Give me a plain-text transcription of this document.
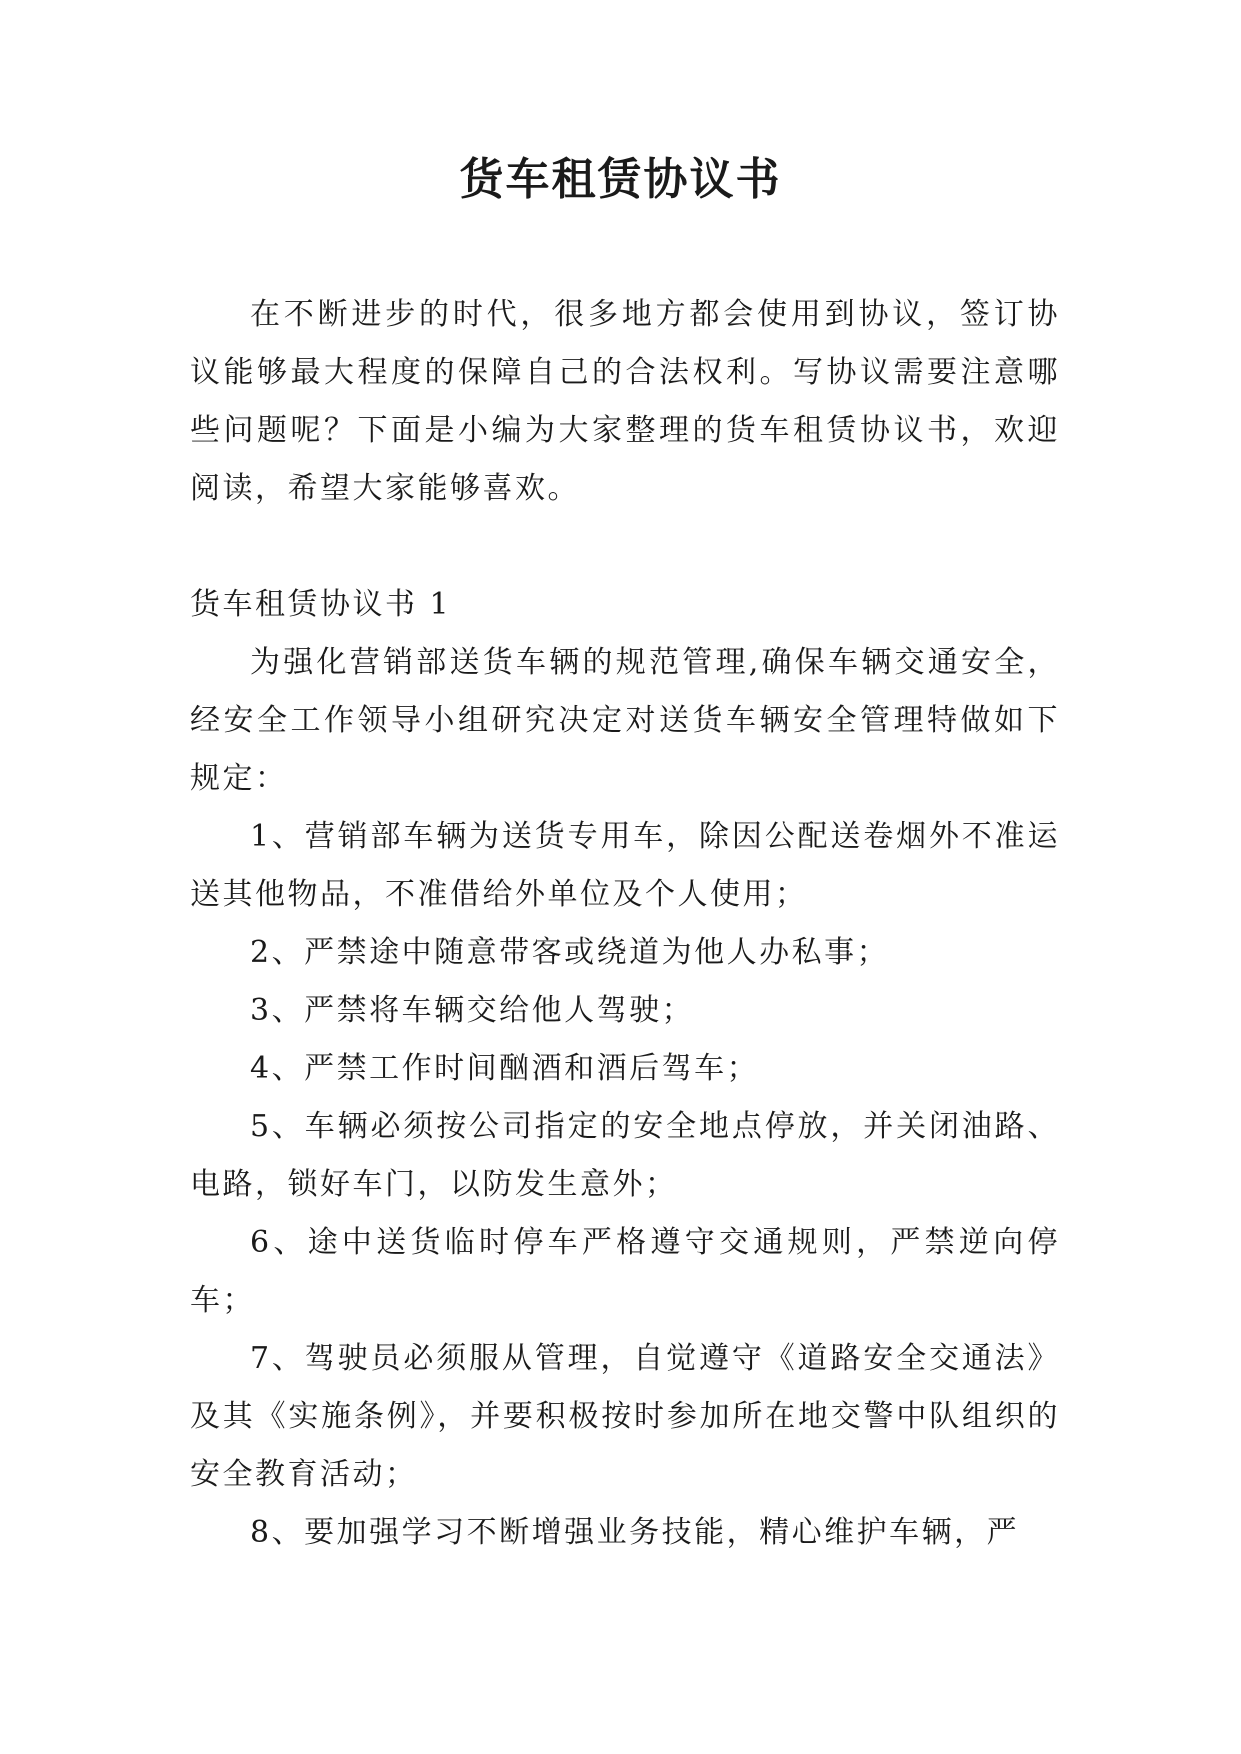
货车租赁协议书

在不断进步的时代，很多地方都会使用到协议，签订协议能够最大程度的保障自己的合法权利。写协议需要注意哪些问题呢？下面是小编为大家整理的货车租赁协议书，欢迎阅读，希望大家能够喜欢。

货车租赁协议书 1

为强化营销部送货车辆的规范管理,确保车辆交通安全，经安全工作领导小组研究决定对送货车辆安全管理特做如下规定：

1、营销部车辆为送货专用车，除因公配送卷烟外不准运送其他物品，不准借给外单位及个人使用；

2、严禁途中随意带客或绕道为他人办私事；

3、严禁将车辆交给他人驾驶；

4、严禁工作时间酗酒和酒后驾车；

5、车辆必须按公司指定的安全地点停放，并关闭油路、电路，锁好车门，以防发生意外；

6、途中送货临时停车严格遵守交通规则，严禁逆向停车；

7、驾驶员必须服从管理，自觉遵守《道路安全交通法》及其《实施条例》，并要积极按时参加所在地交警中队组织的安全教育活动；

8、要加强学习不断增强业务技能，精心维护车辆，严
